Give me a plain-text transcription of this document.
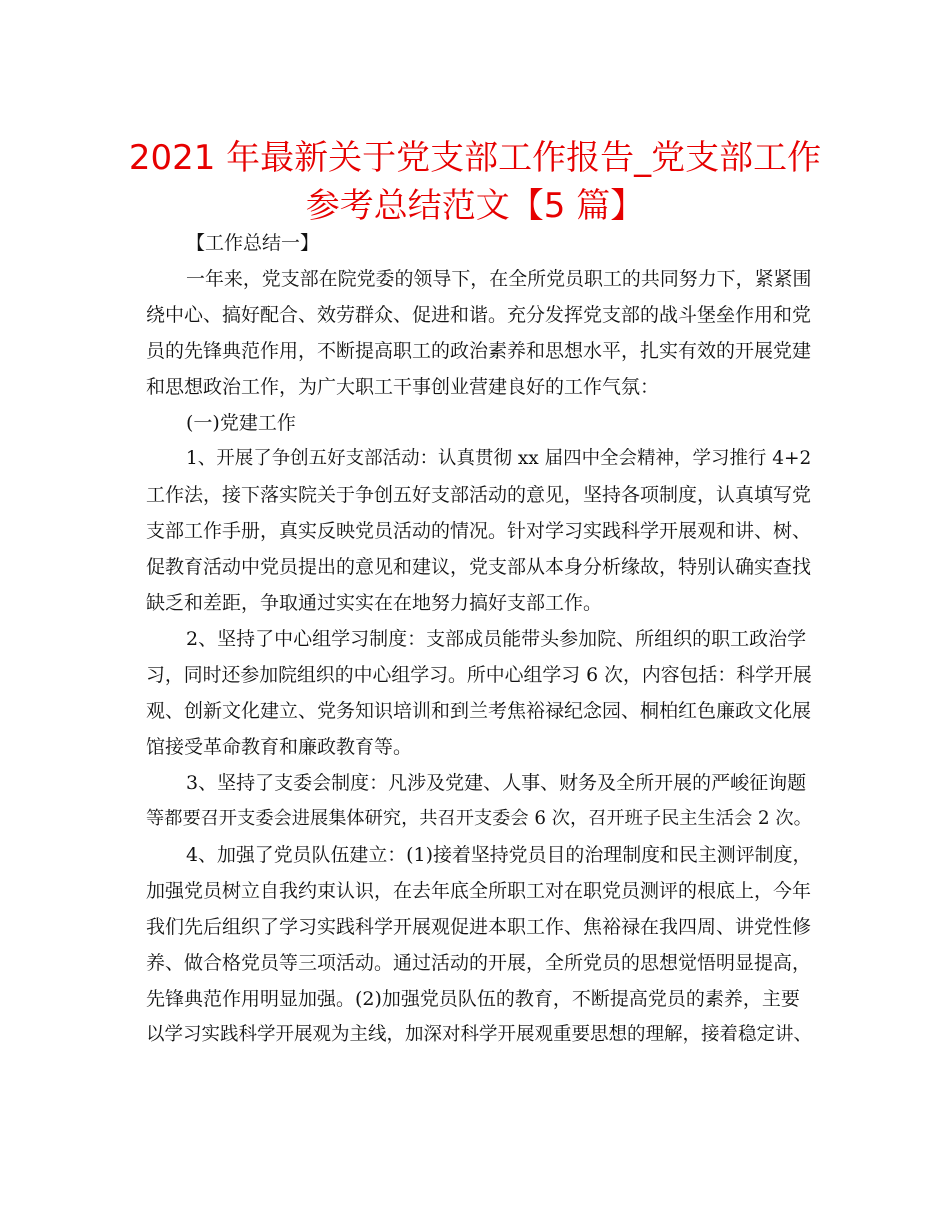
2021 年最新关于党支部工作报告_党支部工作
参考总结范文【5 篇】

【工作总结一】

一年来，党支部在院党委的领导下，在全所党员职工的共同努力下，紧紧围

绕中心、搞好配合、效劳群众、促进和谐。充分发挥党支部的战斗堡垒作用和党

员的先锋典范作用，不断提高职工的政治素养和思想水平，扎实有效的开展党建

和思想政治工作，为广大职工干事创业营建良好的工作气氛：

(一)党建工作

1、开展了争创五好支部活动：认真贯彻 xx 届四中全会精神，学习推行 4+2

工作法，接下落实院关于争创五好支部活动的意见，坚持各项制度，认真填写党

支部工作手册，真实反映党员活动的情况。针对学习实践科学开展观和讲、树、

促教育活动中党员提出的意见和建议，党支部从本身分析缘故，特别认确实查找

缺乏和差距，争取通过实实在在地努力搞好支部工作。

2、坚持了中心组学习制度：支部成员能带头参加院、所组织的职工政治学

习，同时还参加院组织的中心组学习。所中心组学习 6 次，内容包括：科学开展

观、创新文化建立、党务知识培训和到兰考焦裕禄纪念园、桐柏红色廉政文化展

馆接受革命教育和廉政教育等。

3、坚持了支委会制度：凡涉及党建、人事、财务及全所开展的严峻征询题

等都要召开支委会进展集体研究，共召开支委会 6 次，召开班子民主生活会 2 次。

4、加强了党员队伍建立：(1)接着坚持党员目的治理制度和民主测评制度，

加强党员树立自我约束认识，在去年底全所职工对在职党员测评的根底上，今年

我们先后组织了学习实践科学开展观促进本职工作、焦裕禄在我四周、讲党性修

养、做合格党员等三项活动。通过活动的开展，全所党员的思想觉悟明显提高，

先锋典范作用明显加强。(2)加强党员队伍的教育，不断提高党员的素养，主要

以学习实践科学开展观为主线，加深对科学开展观重要思想的理解，接着稳定讲、
